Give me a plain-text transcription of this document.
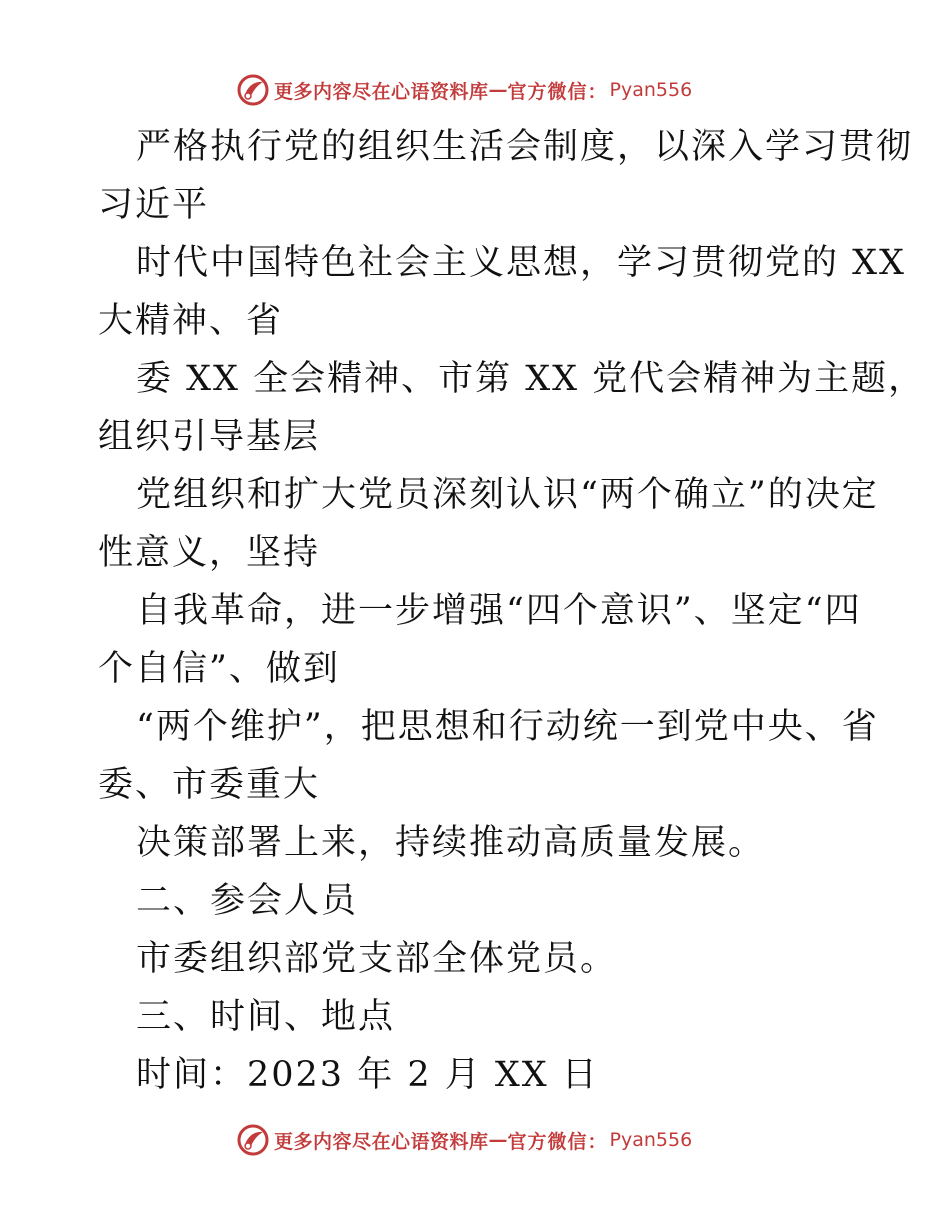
更多内容尽在心语资料库 — 官方微信： Pyan556
严格执行党的组织生活会制度，以深入学习贯彻
习近平
时代中国特色社会主义思想，学习贯彻党的 XX
大精神、省
委 XX 全会精神、市第 XX 党代会精神为主题，
组织引导基层
党组织和扩大党员深刻认识“两个确立”的决定
性意义，坚持
自我革命，进一步增强“四个意识”、坚定“四
个自信”、做到
“两个维护”，把思想和行动统一到党中央、省
委、市委重大
决策部署上来，持续推动高质量发展。
二、参会人员
市委组织部党支部全体党员。
三、时间、地点
时间：2023 年 2 月 XX 日
更多内容尽在心语资料库 — 官方微信： Pyan556
